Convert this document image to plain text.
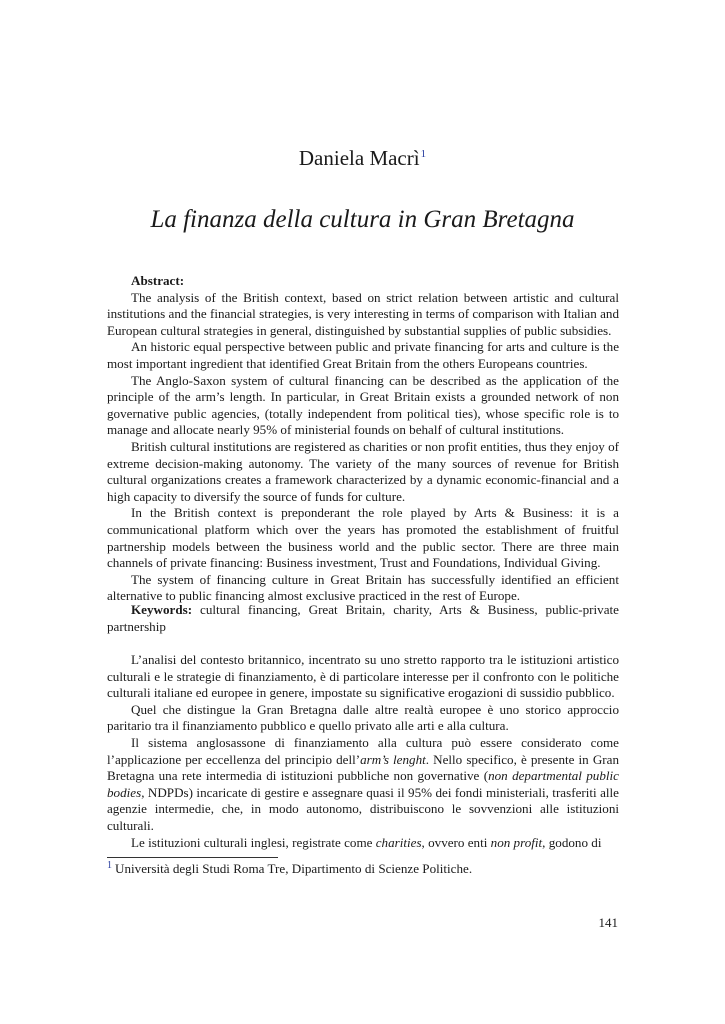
Daniela Macrì$^1$
La finanza della cultura in Gran Bretagna

Abstract:

The analysis of the British context, based on strict relation between artistic and cultural institutions and the financial strategies, is very interesting in terms of comparison with Italian and European cultural strategies in general, distinguished by substantial supplies of public subsidies.

An historic equal perspective between public and private financing for arts and culture is the most important ingredient that identified Great Britain from the others Europeans countries.

The Anglo-Saxon system of cultural financing can be described as the application of the principle of the arm’s length. In particular, in Great Britain exists a grounded network of non governative public agencies, (totally independent from political ties), whose specific role is to manage and allocate nearly 95% of ministerial founds on behalf of cultural institutions.

British cultural institutions are registered as charities or non profit entities, thus they enjoy of extreme decision-making autonomy. The variety of the many sources of revenue for British cultural organizations creates a framework characterized by a dynamic economic-financial and a high capacity to diversify the source of funds for culture.

In the British context is preponderant the role played by Arts & Business: it is a communicational platform which over the years has promoted the establishment of fruitful partnership models between the business world and the public sector. There are three main channels of private financing: Business investment, Trust and Foundations, Individual Giving.

The system of financing culture in Great Britain has successfully identified an efficient alternative to public financing almost exclusive practiced in the rest of Europe.

Keywords: cultural financing, Great Britain, charity, Arts & Business, public-private partnership

L’analisi del contesto britannico, incentrato su uno stretto rapporto tra le istituzioni artistico culturali e le strategie di finanziamento, è di particolare interesse per il confronto con le politiche culturali italiane ed europee in genere, impostate su significative erogazioni di sussidio pubblico.

Quel che distingue la Gran Bretagna dalle altre realtà europee è uno storico approccio paritario tra il finanziamento pubblico e quello privato alle arti e alla cultura.

Il sistema anglosassone di finanziamento alla cultura può essere considerato come l’applicazione per eccellenza del principio dell’arm’s lenght. Nello specifico, è presente in Gran Bretagna una rete intermedia di istituzioni pubbliche non governative (non departmental public bodies, NDPDs) incaricate di gestire e assegnare quasi il 95% dei fondi ministeriali, trasferiti alle agenzie intermedie, che, in modo autonomo, distribuiscono le sovvenzioni alle istituzioni culturali.

Le istituzioni culturali inglesi, registrate come charities, ovvero enti non profit, godono di

$^1$ Università degli Studi Roma Tre, Dipartimento di Scienze Politiche.
141
